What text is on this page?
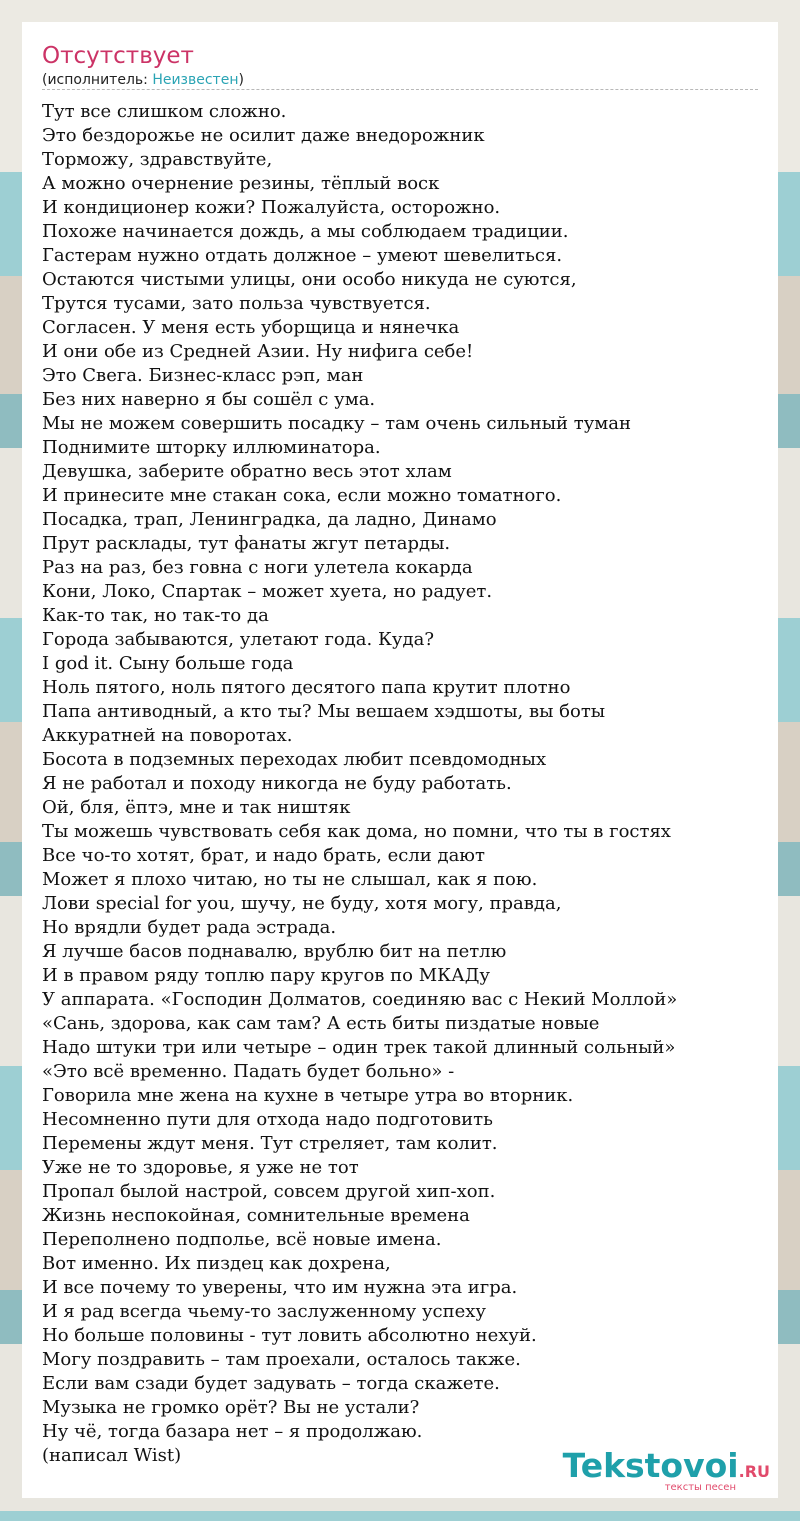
Отсутствует
(исполнитель: Неизвестен)
Тут все слишком сложно.
Это бездорожье не осилит даже внедорожник
Торможу, здравствуйте,
А можно очернение резины, тёплый воск
И кондиционер кожи? Пожалуйста, осторожно.
Похоже начинается дождь, а мы соблюдаем традиции.
Гастерам нужно отдать должное – умеют шевелиться.
Остаются чистыми улицы, они особо никуда не суются,
Трутся тусами, зато польза чувствуется.
Согласен. У меня есть уборщица и нянечка
И они обе из Средней Азии. Ну нифига себе!
Это Свега. Бизнес-класс рэп, ман
Без них наверно я бы сошёл с ума.
Мы не можем совершить посадку – там очень сильный туман
Поднимите шторку иллюминатора.
Девушка, заберите обратно весь этот хлам
И принесите мне стакан сока, если можно томатного.
Посадка, трап, Ленинградка, да ладно, Динамо
Прут расклады, тут фанаты жгут петарды.
Раз на раз, без говна с ноги улетела кокарда
Кони, Локо, Спартак – может хуета, но радует.
Как-то так, но так-то да
Города забываются, улетают года. Куда?
I god it. Сыну больше года
Ноль пятого, ноль пятого десятого папа крутит плотно
Папа антиводный, а кто ты? Мы вешаем хэдшоты, вы боты
Аккуратней на поворотах.
Босота в подземных переходах любит псевдомодных
Я не работал и походу никогда не буду работать.
Ой, бля, ёптэ, мне и так ништяк
Ты можешь чувствовать себя как дома, но помни, что ты в гостях
Все чо-то хотят, брат, и надо брать, если дают
Может я плохо читаю, но ты не слышал, как я пою.
Лови special for you, шучу, не буду, хотя могу, правда,
Но врядли будет рада эстрада.
Я лучше басов поднавалю, врублю бит на петлю
И в правом ряду топлю пару кругов по МКАДу
У аппарата. «Господин Долматов, соединяю вас с Некий Моллой»
«Сань, здорова, как сам там? А есть биты пиздатые новые
Надо штуки три или четыре – один трек такой длинный сольный»
«Это всё временно. Падать будет больно» -
Говорила мне жена на кухне в четыре утра во вторник.
Несомненно пути для отхода надо подготовить
Перемены ждут меня. Тут стреляет, там колит.
Уже не то здоровье, я уже не тот
Пропал былой настрой, совсем другой хип-хоп.
Жизнь неспокойная, сомнительные времена
Переполнено подполье, всё новые имена.
Вот именно. Их пиздец как дохрена,
И все почему то уверены, что им нужна эта игра.
И я рад всегда чьему-то заслуженному успеху
Но больше половины - тут ловить абсолютно нехуй.
Могу поздравить – там проехали, осталось также.
Если вам сзади будет задувать – тогда скажете.
Музыка не громко орёт? Вы не устали?
Ну чё, тогда базара нет – я продолжаю.
(написал Wist)	Tekstovoi.RU
тексты песен
